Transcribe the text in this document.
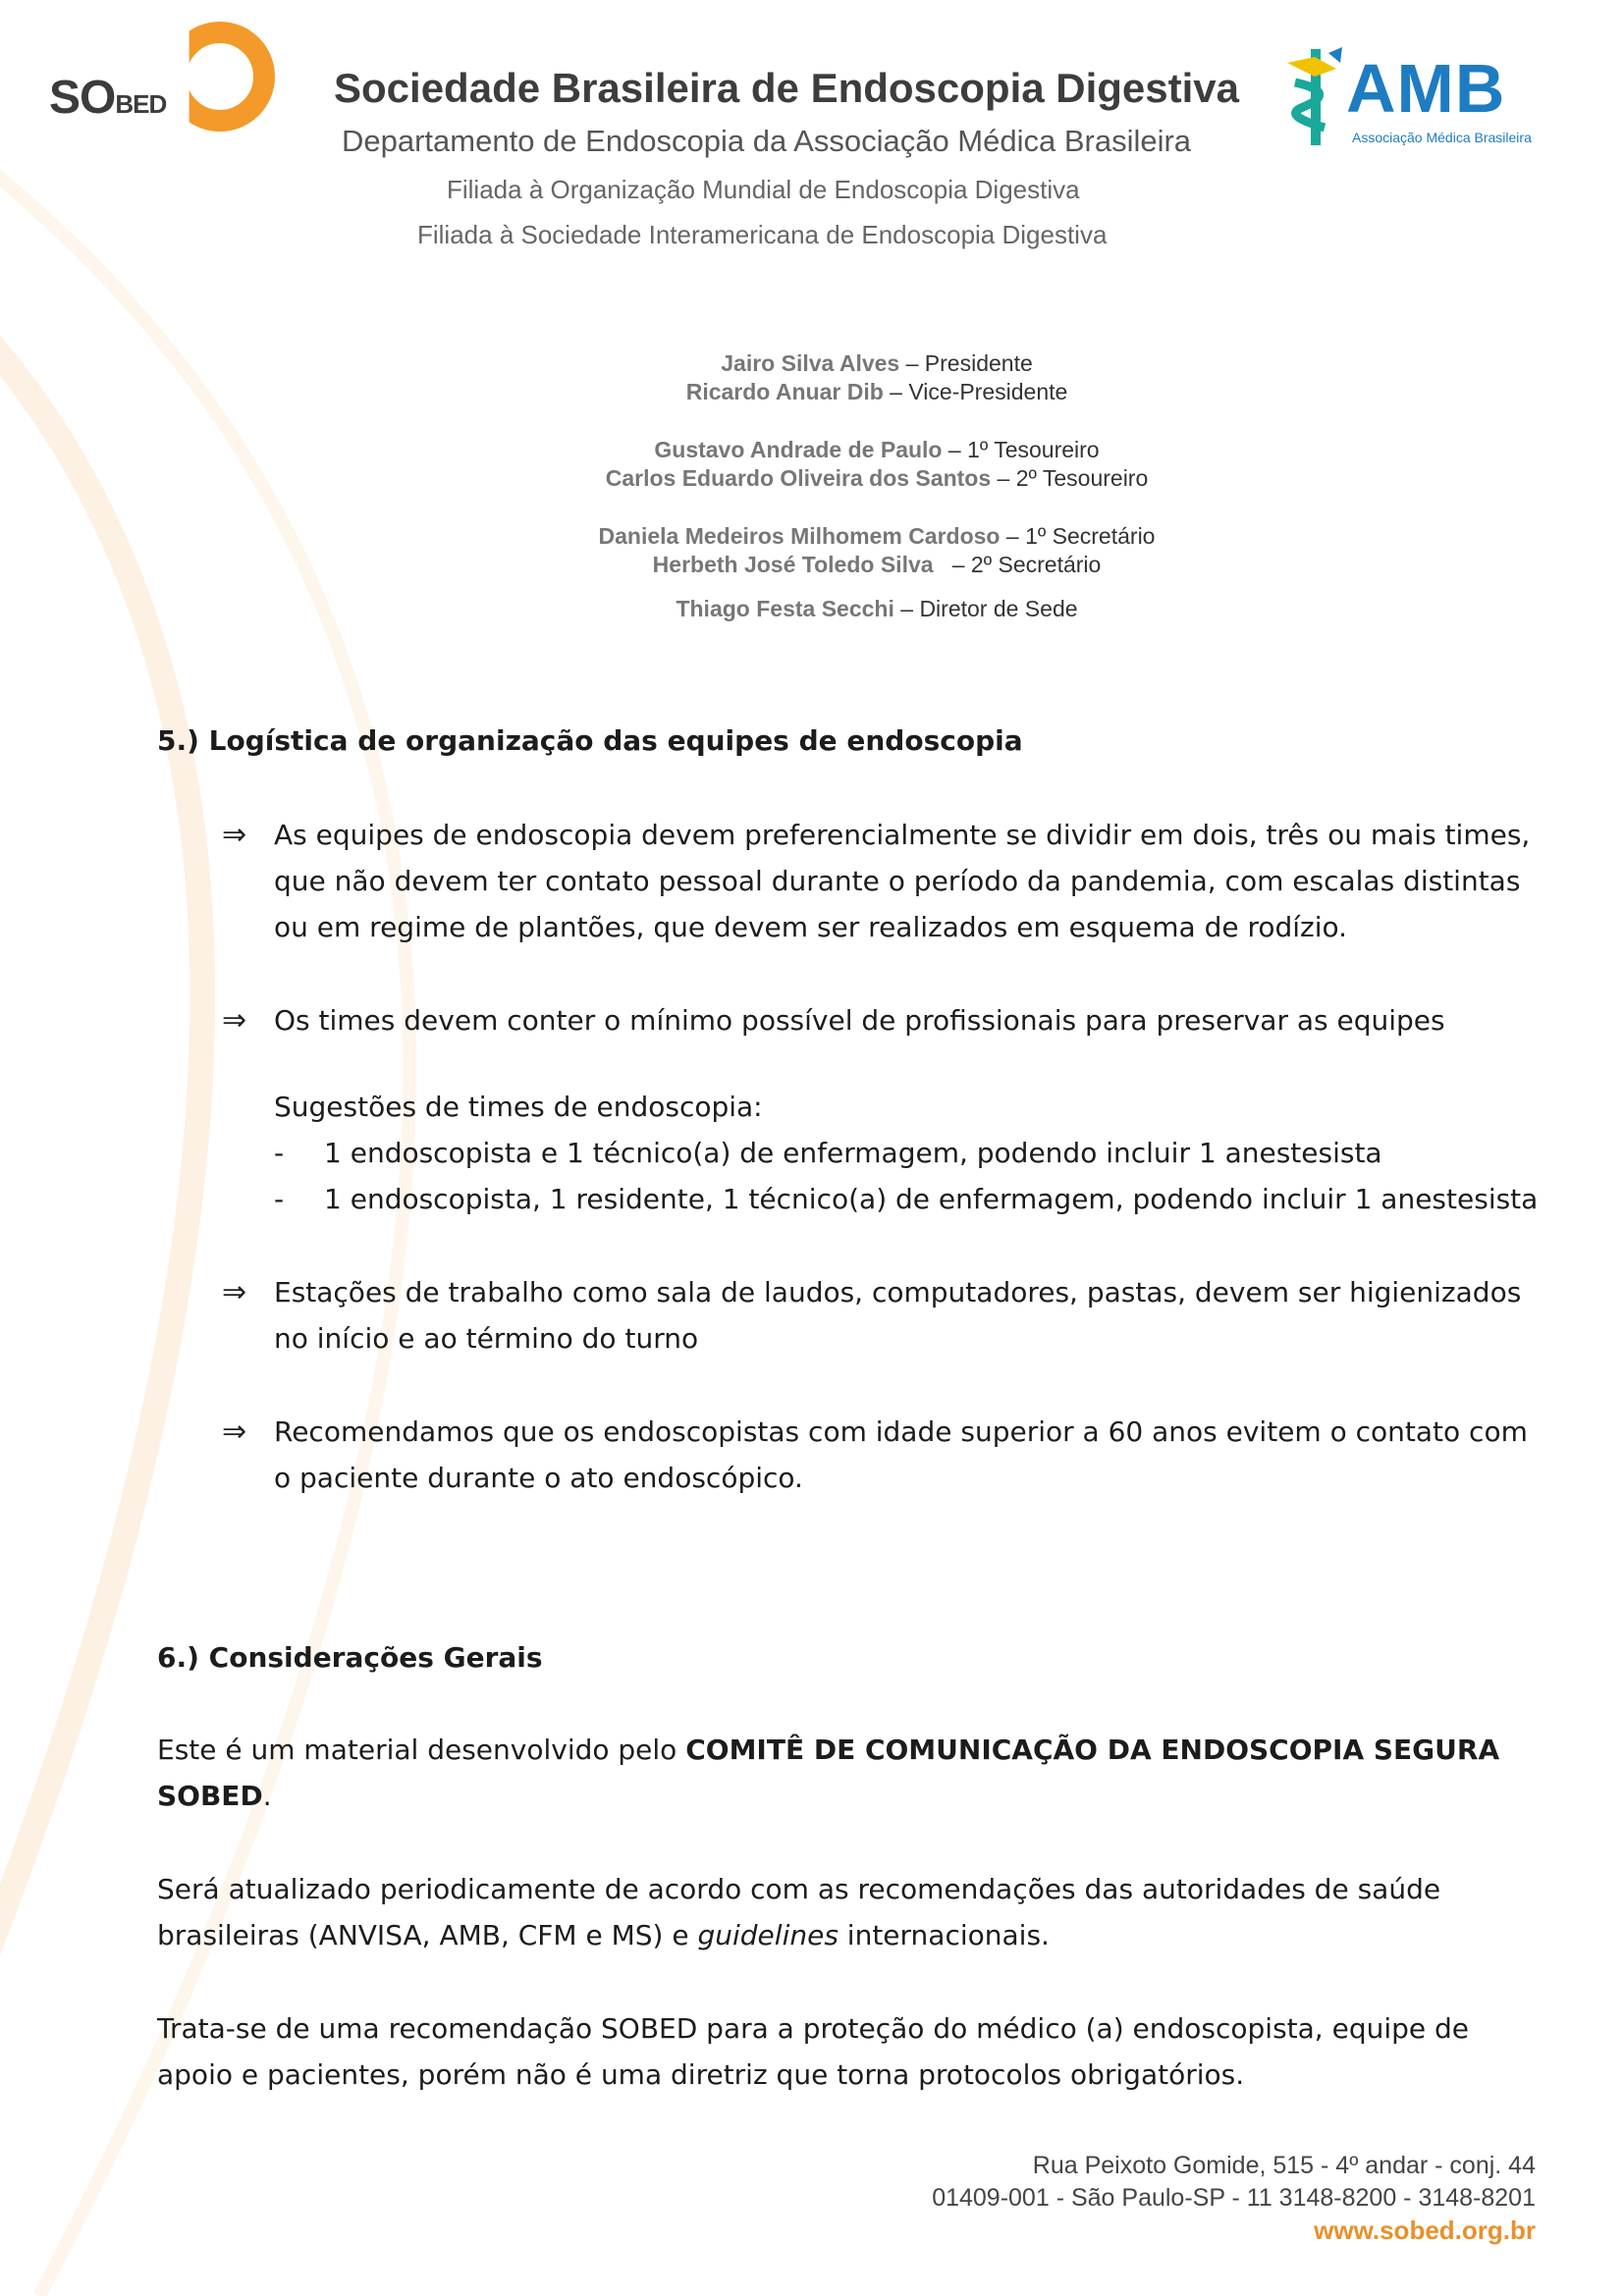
SOBED	Sociedade Brasileira de Endoscopia Digestiva
Departamento de Endoscopia da Associação Médica Brasileira
Filiada à Organização Mundial de Endoscopia Digestiva
Filiada à Sociedade Interamericana de Endoscopia Digestiva
AMB
Associação Médica Brasileira
Jairo Silva Alves – Presidente
Ricardo Anuar Dib – Vice-Presidente
Gustavo Andrade de Paulo – 1º Tesoureiro
Carlos Eduardo Oliveira dos Santos – 2º Tesoureiro
Daniela Medeiros Milhomem Cardoso – 1º Secretário
Herbeth José Toledo Silva – 2º Secretário
Thiago Festa Secchi – Diretor de Sede
5.) Logística de organização das equipes de endoscopia
⇒ As equipes de endoscopia devem preferencialmente se dividir em dois, três ou mais times, que não devem ter contato pessoal durante o período da pandemia, com escalas distintas ou em regime de plantões, que devem ser realizados em esquema de rodízio.
⇒ Os times devem conter o mínimo possível de profissionais para preservar as equipes
Sugestões de times de endoscopia:
- 1 endoscopista e 1 técnico(a) de enfermagem, podendo incluir 1 anestesista
- 1 endoscopista, 1 residente, 1 técnico(a) de enfermagem, podendo incluir 1 anestesista
⇒ Estações de trabalho como sala de laudos, computadores, pastas, devem ser higienizados no início e ao término do turno
⇒ Recomendamos que os endoscopistas com idade superior a 60 anos evitem o contato com o paciente durante o ato endoscópico.
6.) Considerações Gerais
Este é um material desenvolvido pelo COMITÊ DE COMUNICAÇÃO DA ENDOSCOPIA SEGURA SOBED.
Será atualizado periodicamente de acordo com as recomendações das autoridades de saúde brasileiras (ANVISA, AMB, CFM e MS) e guidelines internacionais.
Trata-se de uma recomendação SOBED para a proteção do médico (a) endoscopista, equipe de apoio e pacientes, porém não é uma diretriz que torna protocolos obrigatórios.
Rua Peixoto Gomide, 515 - 4º andar - conj. 44
01409-001 - São Paulo-SP - 11 3148-8200 - 3148-8201
www.sobed.org.br
